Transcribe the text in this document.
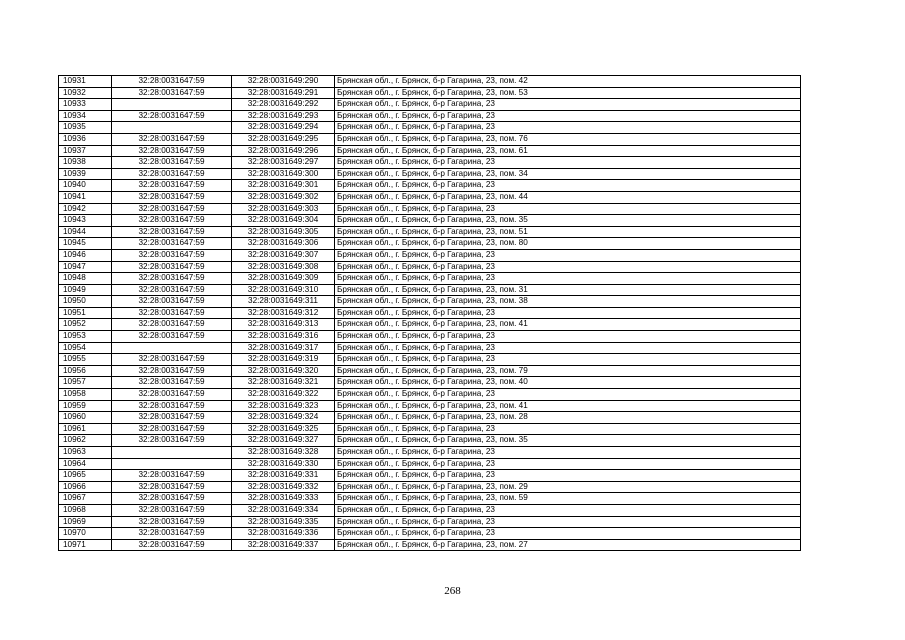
10931	32:28:0031647:59	32:28:0031649:290	Брянская обл., г. Брянск, б-р Гагарина, 23, пом. 42
10932	32:28:0031647:59	32:28:0031649:291	Брянская обл., г. Брянск, б-р Гагарина, 23, пом. 53
10933		32:28:0031649:292	Брянская обл., г. Брянск, б-р Гагарина, 23
10934	32:28:0031647:59	32:28:0031649:293	Брянская обл., г. Брянск, б-р Гагарина, 23
10935		32:28:0031649:294	Брянская обл., г. Брянск, б-р Гагарина, 23
10936	32:28:0031647:59	32:28:0031649:295	Брянская обл., г. Брянск, б-р Гагарина, 23, пом. 76
10937	32:28:0031647:59	32:28:0031649:296	Брянская обл., г. Брянск, б-р Гагарина, 23, пом. 61
10938	32:28:0031647:59	32:28:0031649:297	Брянская обл., г. Брянск, б-р Гагарина, 23
10939	32:28:0031647:59	32:28:0031649:300	Брянская обл., г. Брянск, б-р Гагарина, 23, пом. 34
10940	32:28:0031647:59	32:28:0031649:301	Брянская обл., г. Брянск, б-р Гагарина, 23
10941	32:28:0031647:59	32:28:0031649:302	Брянская обл., г. Брянск, б-р Гагарина, 23, пом. 44
10942	32:28:0031647:59	32:28:0031649:303	Брянская обл., г. Брянск, б-р Гагарина, 23
10943	32:28:0031647:59	32:28:0031649:304	Брянская обл., г. Брянск, б-р Гагарина, 23, пом. 35
10944	32:28:0031647:59	32:28:0031649:305	Брянская обл., г. Брянск, б-р Гагарина, 23, пом. 51
10945	32:28:0031647:59	32:28:0031649:306	Брянская обл., г. Брянск, б-р Гагарина, 23, пом. 80
10946	32:28:0031647:59	32:28:0031649:307	Брянская обл., г. Брянск, б-р Гагарина, 23
10947	32:28:0031647:59	32:28:0031649:308	Брянская обл., г. Брянск, б-р Гагарина, 23
10948	32:28:0031647:59	32:28:0031649:309	Брянская обл., г. Брянск, б-р Гагарина, 23
10949	32:28:0031647:59	32:28:0031649:310	Брянская обл., г. Брянск, б-р Гагарина, 23, пом. 31
10950	32:28:0031647:59	32:28:0031649:311	Брянская обл., г. Брянск, б-р Гагарина, 23, пом. 38
10951	32:28:0031647:59	32:28:0031649:312	Брянская обл., г. Брянск, б-р Гагарина, 23
10952	32:28:0031647:59	32:28:0031649:313	Брянская обл., г. Брянск, б-р Гагарина, 23, пом. 41
10953	32:28:0031647:59	32:28:0031649:316	Брянская обл., г. Брянск, б-р Гагарина, 23
10954		32:28:0031649:317	Брянская обл., г. Брянск, б-р Гагарина, 23
10955	32:28:0031647:59	32:28:0031649:319	Брянская обл., г. Брянск, б-р Гагарина, 23
10956	32:28:0031647:59	32:28:0031649:320	Брянская обл., г. Брянск, б-р Гагарина, 23, пом. 79
10957	32:28:0031647:59	32:28:0031649:321	Брянская обл., г. Брянск, б-р Гагарина, 23, пом. 40
10958	32:28:0031647:59	32:28:0031649:322	Брянская обл., г. Брянск, б-р Гагарина, 23
10959	32:28:0031647:59	32:28:0031649:323	Брянская обл., г. Брянск, б-р Гагарина, 23, пом. 41
10960	32:28:0031647:59	32:28:0031649:324	Брянская обл., г. Брянск, б-р Гагарина, 23, пом. 28
10961	32:28:0031647:59	32:28:0031649:325	Брянская обл., г. Брянск, б-р Гагарина, 23
10962	32:28:0031647:59	32:28:0031649:327	Брянская обл., г. Брянск, б-р Гагарина, 23, пом. 35
10963		32:28:0031649:328	Брянская обл., г. Брянск, б-р Гагарина, 23
10964		32:28:0031649:330	Брянская обл., г. Брянск, б-р Гагарина, 23
10965	32:28:0031647:59	32:28:0031649:331	Брянская обл., г. Брянск, б-р Гагарина, 23
10966	32:28:0031647:59	32:28:0031649:332	Брянская обл., г. Брянск, б-р Гагарина, 23, пом. 29
10967	32:28:0031647:59	32:28:0031649:333	Брянская обл., г. Брянск, б-р Гагарина, 23, пом. 59
10968	32:28:0031647:59	32:28:0031649:334	Брянская обл., г. Брянск, б-р Гагарина, 23
10969	32:28:0031647:59	32:28:0031649:335	Брянская обл., г. Брянск, б-р Гагарина, 23
10970	32:28:0031647:59	32:28:0031649:336	Брянская обл., г. Брянск, б-р Гагарина, 23
10971	32:28:0031647:59	32:28:0031649:337	Брянская обл., г. Брянск, б-р Гагарина, 23, пом. 27
268
